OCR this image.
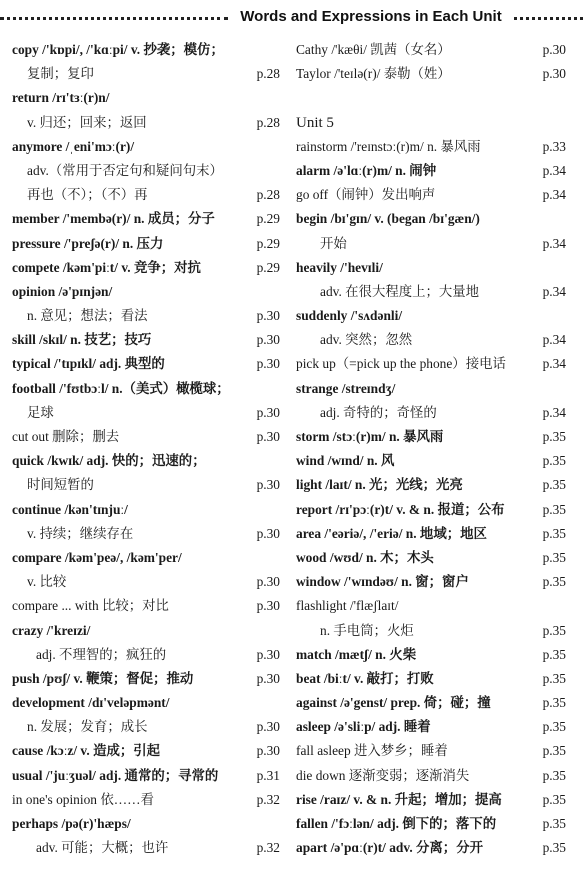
Words and Expressions in Each Unit
copy /'kɒpi/, /'kɑːpi/ v. 抄袭；模仿；
复制；复印	p.28
return /rɪ'tɜː(r)n/
v. 归还；回来；返回	p.28
anymore /ˌeni'mɔː(r)/
adv.（常用于否定句和疑问句末）
再也（不）；（不）再	p.28
member /'membə(r)/ n. 成员；分子	p.29
pressure /'preʃə(r)/ n. 压力	p.29
compete /kəm'piːt/ v. 竞争；对抗	p.29
opinion /ə'pɪnjən/
n. 意见；想法；看法	p.30
skill /skɪl/ n. 技艺；技巧	p.30
typical /'tɪpɪkl/ adj. 典型的	p.30
football /'fʊtbɔːl/ n.（美式）橄榄球；
足球	p.30
cut out 删除；删去	p.30
quick /kwɪk/ adj. 快的；迅速的；
时间短暂的	p.30
continue /kən'tɪnjuː/
v. 持续；继续存在	p.30
compare /kəm'peə/, /kəm'per/
v. 比较	p.30
compare ... with 比较；对比	p.30
crazy /'kreɪzi/
adj. 不理智的；疯狂的	p.30
push /pʊʃ/ v. 鞭策；督促；推动	p.30
development /dɪ'veləpmənt/
n. 发展；发育；成长	p.30
cause /kɔːz/ v. 造成；引起	p.30
usual /'juːʒuəl/ adj. 通常的；寻常的	p.31
in one's opinion 依……看	p.32
perhaps /pə(r)'hæps/
adv. 可能；大概；也许	p.32
Cathy /'kæθi/ 凯茜（女名）	p.30
Taylor /'teɪlə(r)/ 泰勒（姓）	p.30
Unit 5
rainstorm /'reɪnstɔː(r)m/ n. 暴风雨	p.33
alarm /ə'lɑː(r)m/ n. 闹钟	p.34
go off（闹钟）发出响声	p.34
begin /bɪ'gɪn/ v. (began /bɪ'gæn/)
开始	p.34
heavily /'hevɪli/
adv. 在很大程度上；大量地	p.34
suddenly /'sʌdənli/
adv. 突然；忽然	p.34
pick up（=pick up the phone）接电话	p.34
strange /streɪndʒ/
adj. 奇特的；奇怪的	p.34
storm /stɔː(r)m/ n. 暴风雨	p.35
wind /wɪnd/ n. 风	p.35
light /laɪt/ n. 光；光线；光亮	p.35
report /rɪ'pɔː(r)t/ v. & n. 报道；公布	p.35
area /'eəriə/, /'eriə/ n. 地域；地区	p.35
wood /wʊd/ n. 木；木头	p.35
window /'wɪndəʊ/ n. 窗；窗户	p.35
flashlight /'flæʃlaɪt/
n. 手电筒；火炬	p.35
match /mætʃ/ n. 火柴	p.35
beat /biːt/ v. 敲打；打败	p.35
against /ə'genst/ prep. 倚；碰；撞	p.35
asleep /ə'sliːp/ adj. 睡着	p.35
fall asleep 进入梦乡；睡着	p.35
die down 逐渐变弱；逐渐消失	p.35
rise /raɪz/ v. & n. 升起；增加；提高	p.35
fallen /'fɔːlən/ adj. 倒下的；落下的	p.35
apart /ə'pɑː(r)t/ adv. 分离；分开	p.35
